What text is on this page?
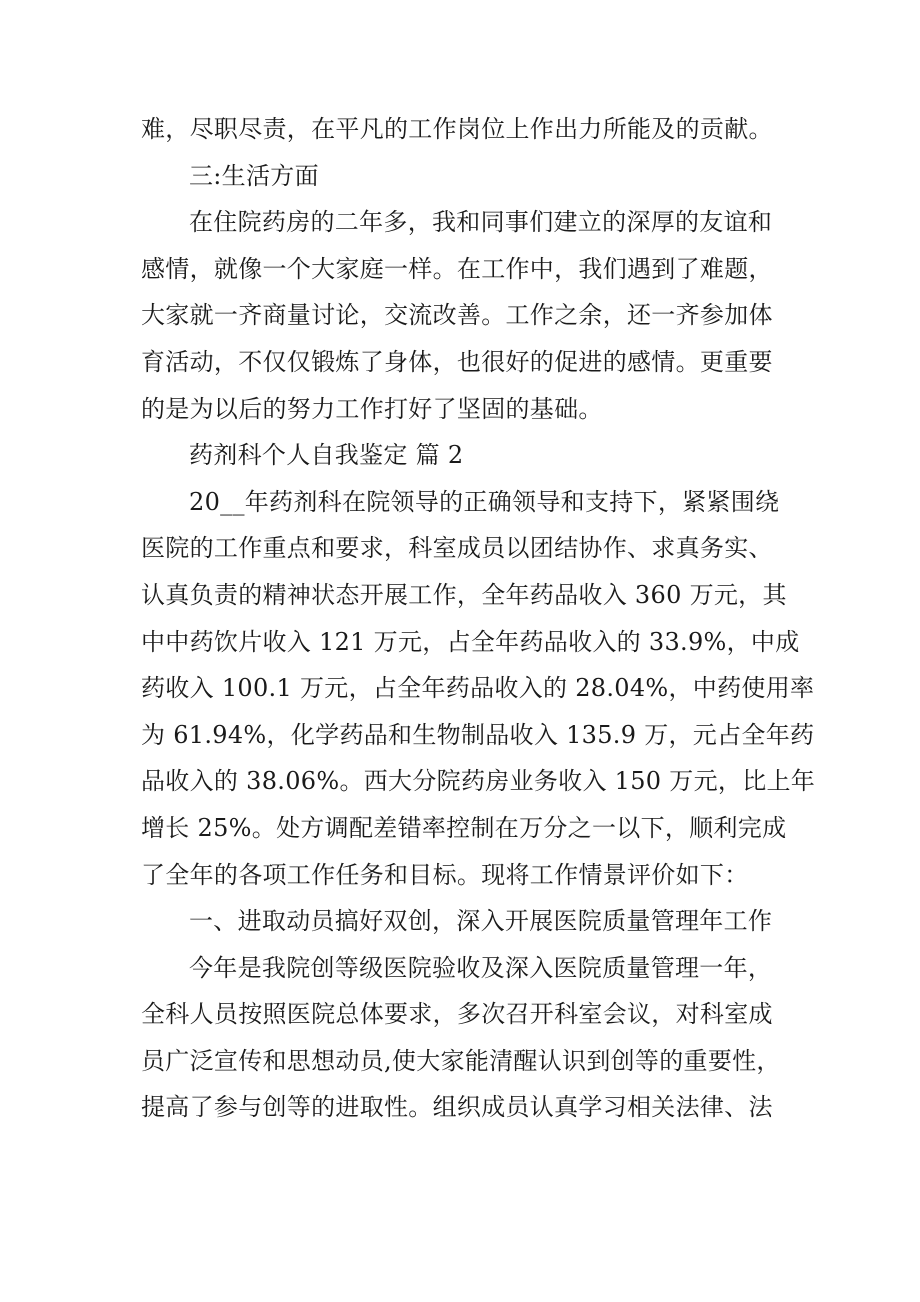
难，尽职尽责，在平凡的工作岗位上作出力所能及的贡献。
三:生活方面
在住院药房的二年多，我和同事们建立的深厚的友谊和
感情，就像一个大家庭一样。在工作中，我们遇到了难题，
大家就一齐商量讨论，交流改善。工作之余，还一齐参加体
育活动，不仅仅锻炼了身体，也很好的促进的感情。更重要
的是为以后的努力工作打好了坚固的基础。
药剂科个人自我鉴定 篇 2
20__年药剂科在院领导的正确领导和支持下，紧紧围绕
医院的工作重点和要求，科室成员以团结协作、求真务实、
认真负责的精神状态开展工作，全年药品收入 360 万元，其
中中药饮片收入 121 万元，占全年药品收入的 33.9%，中成
药收入 100.1 万元，占全年药品收入的 28.04%，中药使用率
为 61.94%，化学药品和生物制品收入 135.9 万，元占全年药
品收入的 38.06%。西大分院药房业务收入 150 万元，比上年
增长 25%。处方调配差错率控制在万分之一以下，顺利完成
了全年的各项工作任务和目标。现将工作情景评价如下：
一、进取动员搞好双创，深入开展医院质量管理年工作
今年是我院创等级医院验收及深入医院质量管理一年，
全科人员按照医院总体要求，多次召开科室会议，对科室成
员广泛宣传和思想动员,使大家能清醒认识到创等的重要性，
提高了参与创等的进取性。组织成员认真学习相关法律、法
